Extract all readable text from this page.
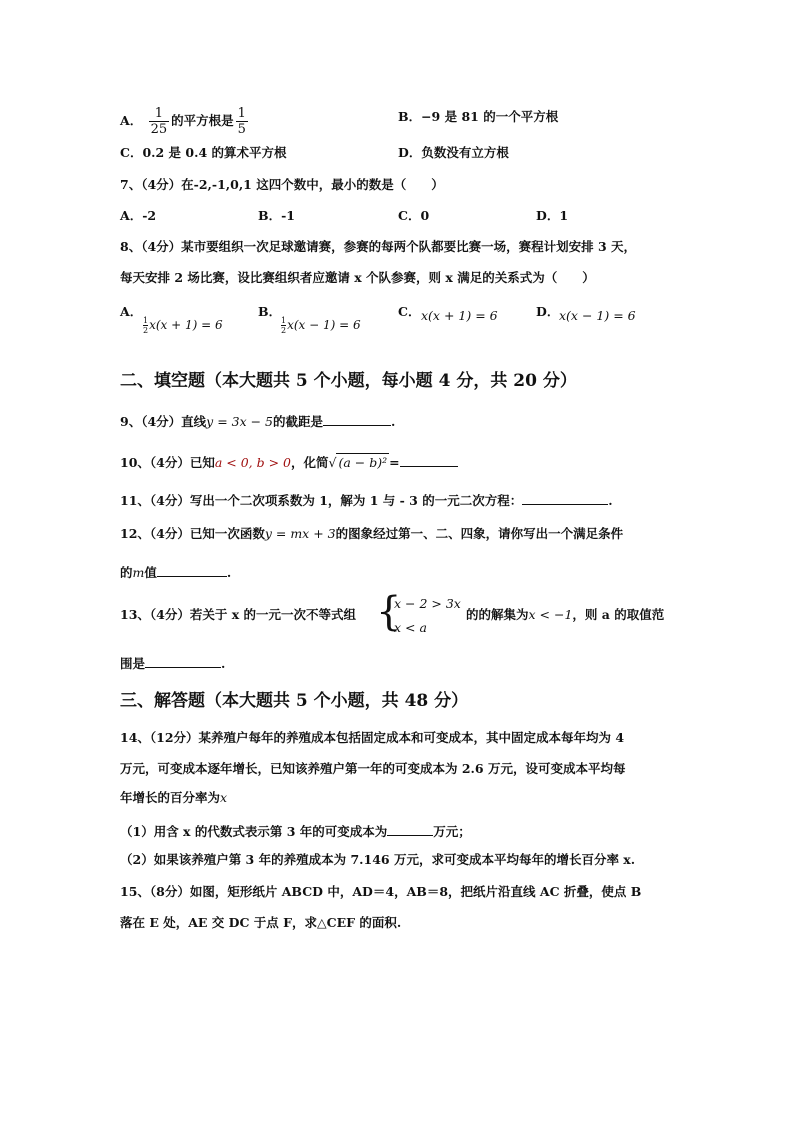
A． $\frac{1}{25}$ 的平方根是 $\frac{1}{5}$	B．−9 是 81 的一个平方根
C．0.2 是 0.4 的算术平方根	D．负数没有立方根
7、（4分）在-2,-1,0,1 这四个数中，最小的数是（　　）
A．-2	B．-1	C．0	D．1
8、（4分）某市要组织一次足球邀请赛，参赛的每两个队都要比赛一场，赛程计划安排 3 天，
每天安排 2 场比赛，设比赛组织者应邀请 x 个队参赛，则 x 满足的关系式为（　　）
A．
$\frac{1}{2} x(x + 1) = 6$
B．
$\frac{1}{2} x(x - 1) = 6$
C． x(x + 1) = 6	D． x(x − 1) = 6
二、填空题（本大题共 5 个小题，每小题 4 分，共 20 分）
9、（4分）直线y = 3x − 5的截距是	.
10、（4分）已知a < 0, b > 0，化简√ (a − b)² =
11、（4分）写出一个二次项系数为 1，解为 1 与 - 3 的一元二次方程：	.
12、（4分）已知一次函数y = mx + 3的图象经过第一、二、四象，请你写出一个满足条件
的m值	.
13、（4分）若关于 x 的一元一次不等式组 {
x − 2 > 3x
x < a
的的解集为x < −1，则 a 的取值范
围是	.
三、解答题（本大题共 5 个小题，共 48 分）
14、（12分）某养殖户每年的养殖成本包括固定成本和可变成本，其中固定成本每年均为 4
万元，可变成本逐年增长，已知该养殖户第一年的可变成本为 2.6 万元，设可变成本平均每
年增长的百分率为x
（1）用含 x 的代数式表示第 3 年的可变成本为	万元；
（2）如果该养殖户第 3 年的养殖成本为 7.146 万元，求可变成本平均每年的增长百分率 x.
15、（8分）如图，矩形纸片 ABCD 中，AD＝4，AB＝8，把纸片沿直线 AC 折叠，使点 B
落在 E 处，AE 交 DC 于点 F，求△CEF 的面积.
